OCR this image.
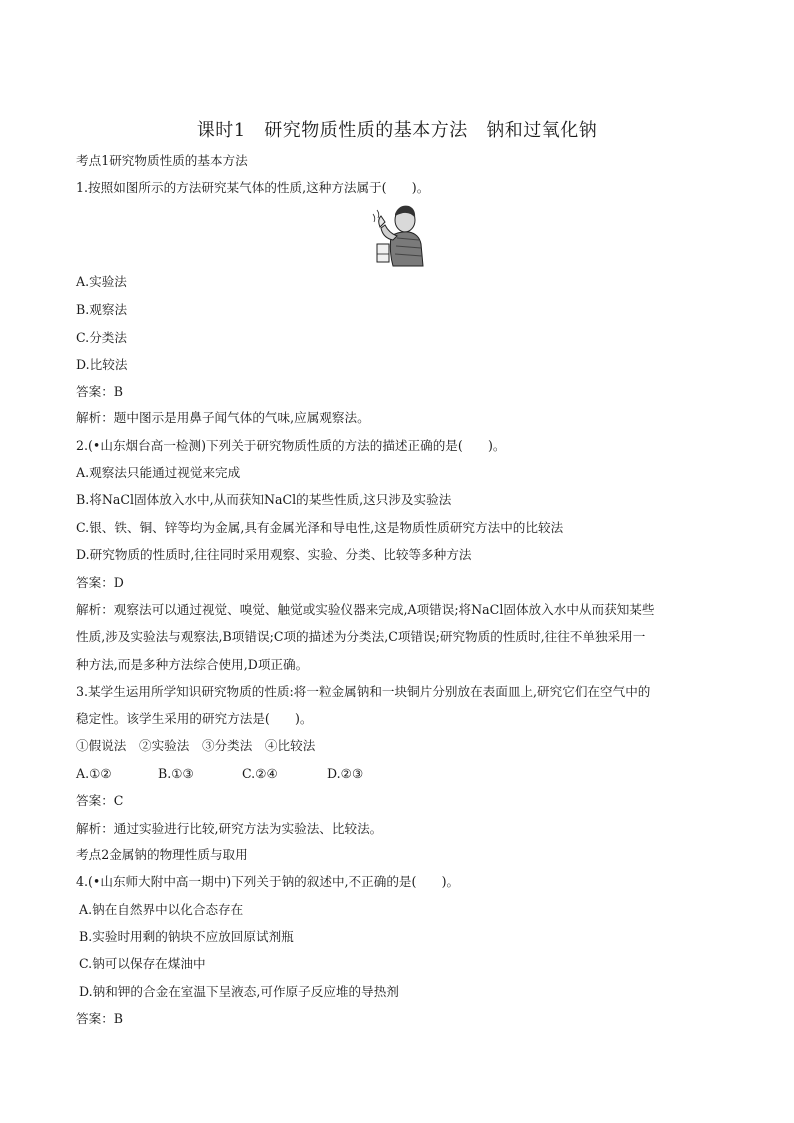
课时1　研究物质性质的基本方法　钠和过氧化钠
考点1研究物质性质的基本方法
1.按照如图所示的方法研究某气体的性质,这种方法属于(　　)。
A.实验法
B.观察法
C.分类法
D.比较法
答案：B
解析：题中图示是用鼻子闻气体的气味,应属观察法。
2.(•山东烟台高一检测)下列关于研究物质性质的方法的描述正确的是(　　)。
A.观察法只能通过视觉来完成
B.将NaCl固体放入水中,从而获知NaCl的某些性质,这只涉及实验法
C.银、铁、铜、锌等均为金属,具有金属光泽和导电性,这是物质性质研究方法中的比较法
D.研究物质的性质时,往往同时采用观察、实验、分类、比较等多种方法
答案：D
解析：观察法可以通过视觉、嗅觉、触觉或实验仪器来完成,A项错误;将NaCl固体放入水中从而获知某些
性质,涉及实验法与观察法,B项错误;C项的描述为分类法,C项错误;研究物质的性质时,往往不单独采用一
种方法,而是多种方法综合使用,D项正确。
3.某学生运用所学知识研究物质的性质:将一粒金属钠和一块铜片分别放在表面皿上,研究它们在空气中的
稳定性。该学生采用的研究方法是(　　)。
①假说法　②实验法　③分类法　④比较法
A.①②	B.①③	C.②④	D.②③
答案：C
解析：通过实验进行比较,研究方法为实验法、比较法。
考点2金属钠的物理性质与取用
4.(•山东师大附中高一期中)下列关于钠的叙述中,不正确的是(　　)。
A.钠在自然界中以化合态存在
B.实验时用剩的钠块不应放回原试剂瓶
C.钠可以保存在煤油中
D.钠和钾的合金在室温下呈液态,可作原子反应堆的导热剂
答案：B
